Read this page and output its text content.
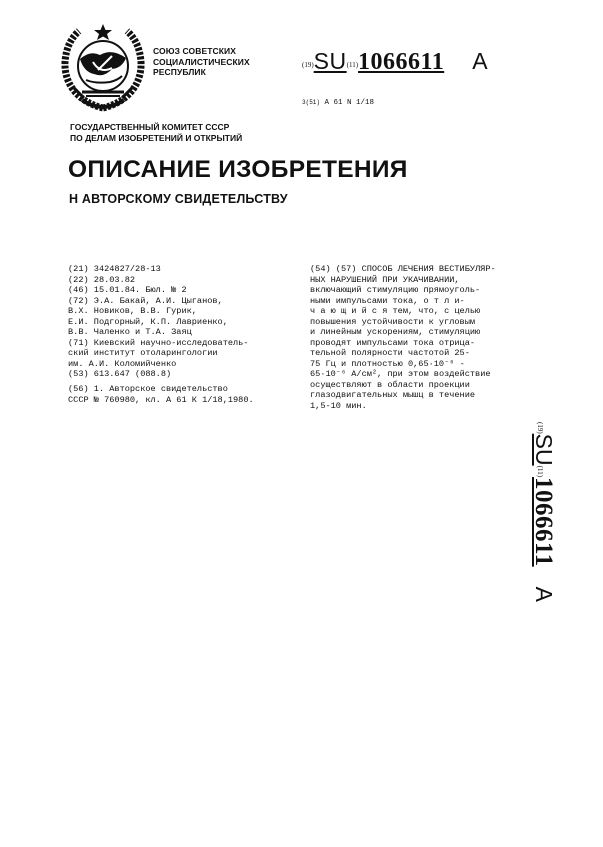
СОЮЗ СОВЕТСКИХ
СОЦИАЛИСТИЧЕСКИХ
РЕСПУБЛИК
(19)SU(11)1066611 A
3(51) A 61 N 1/18
ГОСУДАРСТВЕННЫЙ КОМИТЕТ СССР
ПО ДЕЛАМ ИЗОБРЕТЕНИЙ И ОТКРЫТИЙ
ОПИСАНИЕ ИЗОБРЕТЕНИЯ
Н АВТОРСКОМУ СВИДЕТЕЛЬСТВУ
(21) 3424827/28-13
(22) 28.03.82
(46) 15.01.84. Бюл. № 2
(72) Э.А. Бакай, А.И. Цыганов,
В.Х. Новиков, В.В. Гурик,
Е.И. Подгорный, К.П. Лавриенко,
В.В. Чаленко и Т.А. Заяц
(71) Киевский научно-исследователь-
ский институт отоларингологии
им. А.И. Коломийченко
(53) 613.647 (088.8)
(56) 1. Авторское свидетельство
СССР № 760980, кл. А 61 К 1/18,1980.
(54) (57) СПОСОБ ЛЕЧЕНИЯ ВЕСТИБУЛЯР-
НЫХ НАРУШЕНИЙ ПРИ УКАЧИВАНИИ,
включающий стимуляцию прямоуголь-
ными импульсами тока, о т л и-
ч а ю щ и й с я тем, что, с целью
повышения устойчивости к угловым
и линейным ускорениям, стимуляцию
проводят импульсами тока отрица-
тельной полярности частотой 25-
75 Гц и плотностью 0,65·10⁻⁶ -
65·10⁻⁶ А/см², при этом воздействие
осуществляют в области проекции
глазодвигательных мышц в течение
1,5-10 мин.
(19)SU(11)1066611A
